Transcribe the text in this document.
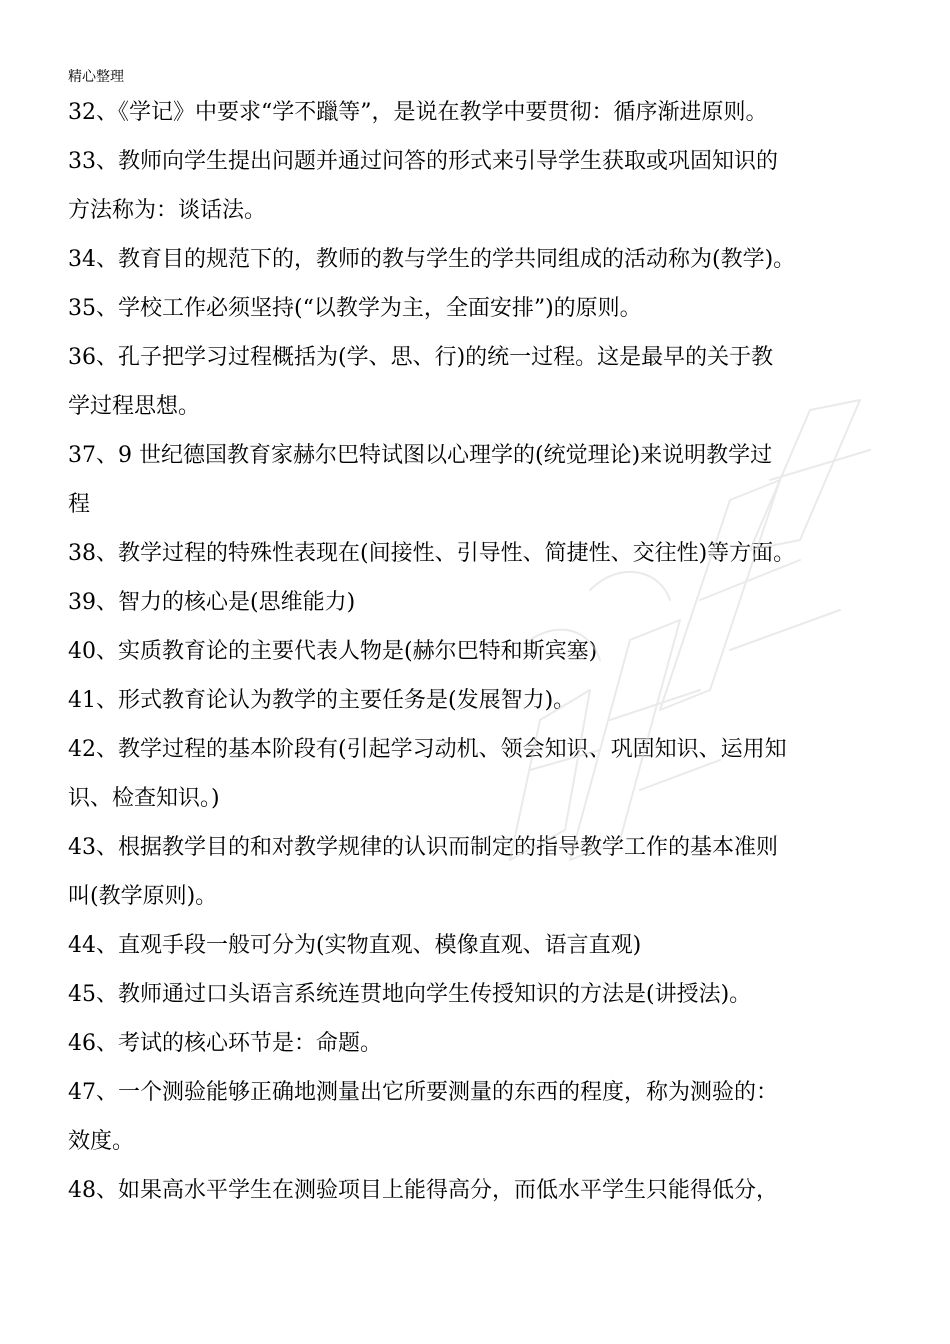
精心整理
32、《学记》中要求“学不躐等”，是说在教学中要贯彻：循序渐进原则。
33、教师向学生提出问题并通过问答的形式来引导学生获取或巩固知识的
方法称为：谈话法。
34、教育目的规范下的，教师的教与学生的学共同组成的活动称为(教学)。
35、学校工作必须坚持(“以教学为主，全面安排”)的原则。
36、孔子把学习过程概括为(学、思、行)的统一过程。这是最早的关于教
学过程思想。
37、9 世纪德国教育家赫尔巴特试图以心理学的(统觉理论)来说明教学过
程
38、教学过程的特殊性表现在(间接性、引导性、简捷性、交往性)等方面。
39、智力的核心是(思维能力)
40、实质教育论的主要代表人物是(赫尔巴特和斯宾塞)
41、形式教育论认为教学的主要任务是(发展智力)。
42、教学过程的基本阶段有(引起学习动机、领会知识、巩固知识、运用知
识、检查知识。)
43、根据教学目的和对教学规律的认识而制定的指导教学工作的基本准则
叫(教学原则)。
44、直观手段一般可分为(实物直观、模像直观、语言直观)
45、教师通过口头语言系统连贯地向学生传授知识的方法是(讲授法)。
46、考试的核心环节是：命题。
47、一个测验能够正确地测量出它所要测量的东西的程度，称为测验的：
效度。
48、如果高水平学生在测验项目上能得高分，而低水平学生只能得低分，
